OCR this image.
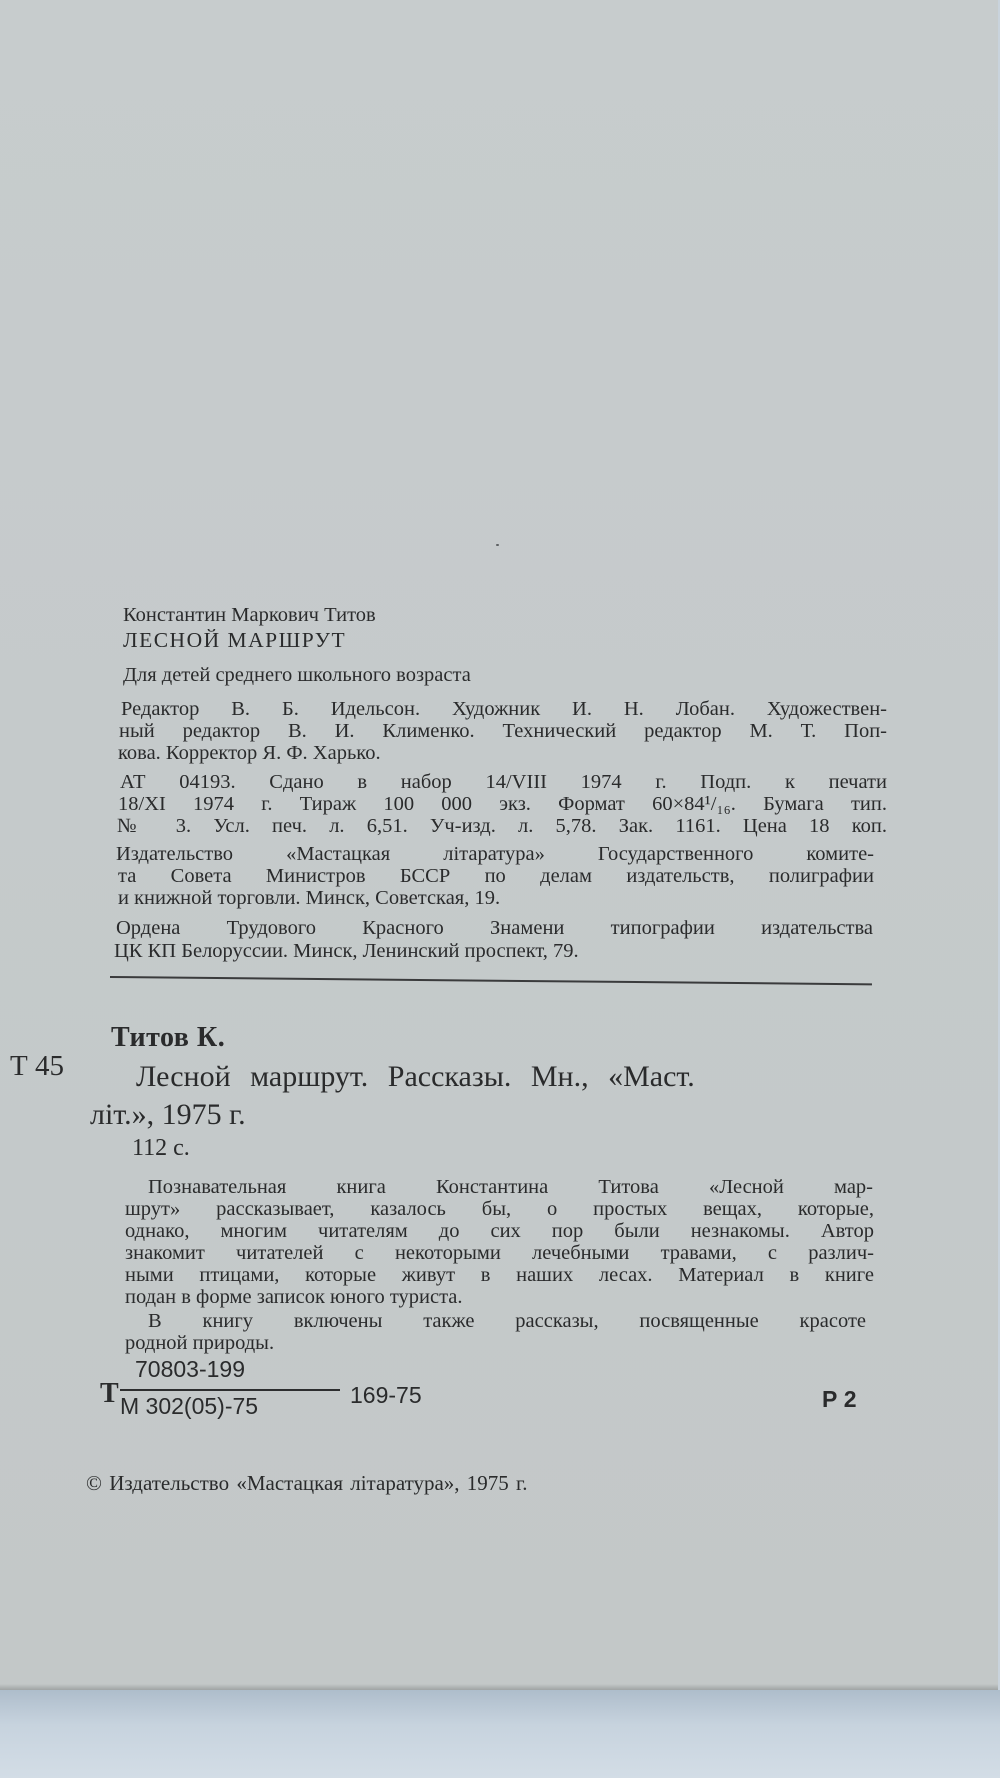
Константин Маркович Титов
ЛЕСНОЙ МАРШРУТ
Для детей среднего школьного возраста
Редактор В. Б. Идельсон. Художник И. Н. Лобан. Художествен-
ный редактор В. И. Клименко. Технический редактор М. Т. Поп-
кова. Корректор Я. Ф. Харько.
АТ 04193. Сдано в набор 14/VIII 1974 г. Подп. к печати
18/XI 1974 г. Тираж 100 000 экз. Формат 60×84¹/₁₆. Бумага тип.
№ 3. Усл. печ. л. 6,51. Уч-изд. л. 5,78. Зак. 1161. Цена 18 коп.
Издательство «Мастацкая літаратура» Государственного комите-
та Совета Министров БССР по делам издательств, полиграфии
и книжной торговли. Минск, Советская, 19.
Ордена Трудового Красного Знамени типографии издательства
ЦК КП Белоруссии. Минск, Ленинский проспект, 79.
Т 45
Титов К.
Лесной маршрут. Рассказы. Мн., «Маст.
літ.», 1975 г.
112 с.
Познавательная книга Константина Титова «Лесной мар-
шрут» рассказывает, казалось бы, о простых вещах, которые,
однако, многим читателям до сих пор были незнакомы. Автор
знакомит читателей с некоторыми лечебными травами, с различ-
ными птицами, которые живут в наших лесах. Материал в книге
подан в форме записок юного туриста.
В книгу включены также рассказы, посвященные красоте
родной природы.
Т
70803-199
М 302(05)-75	169-75	Р 2
© Издательство «Мастацкая літаратура», 1975 г.
